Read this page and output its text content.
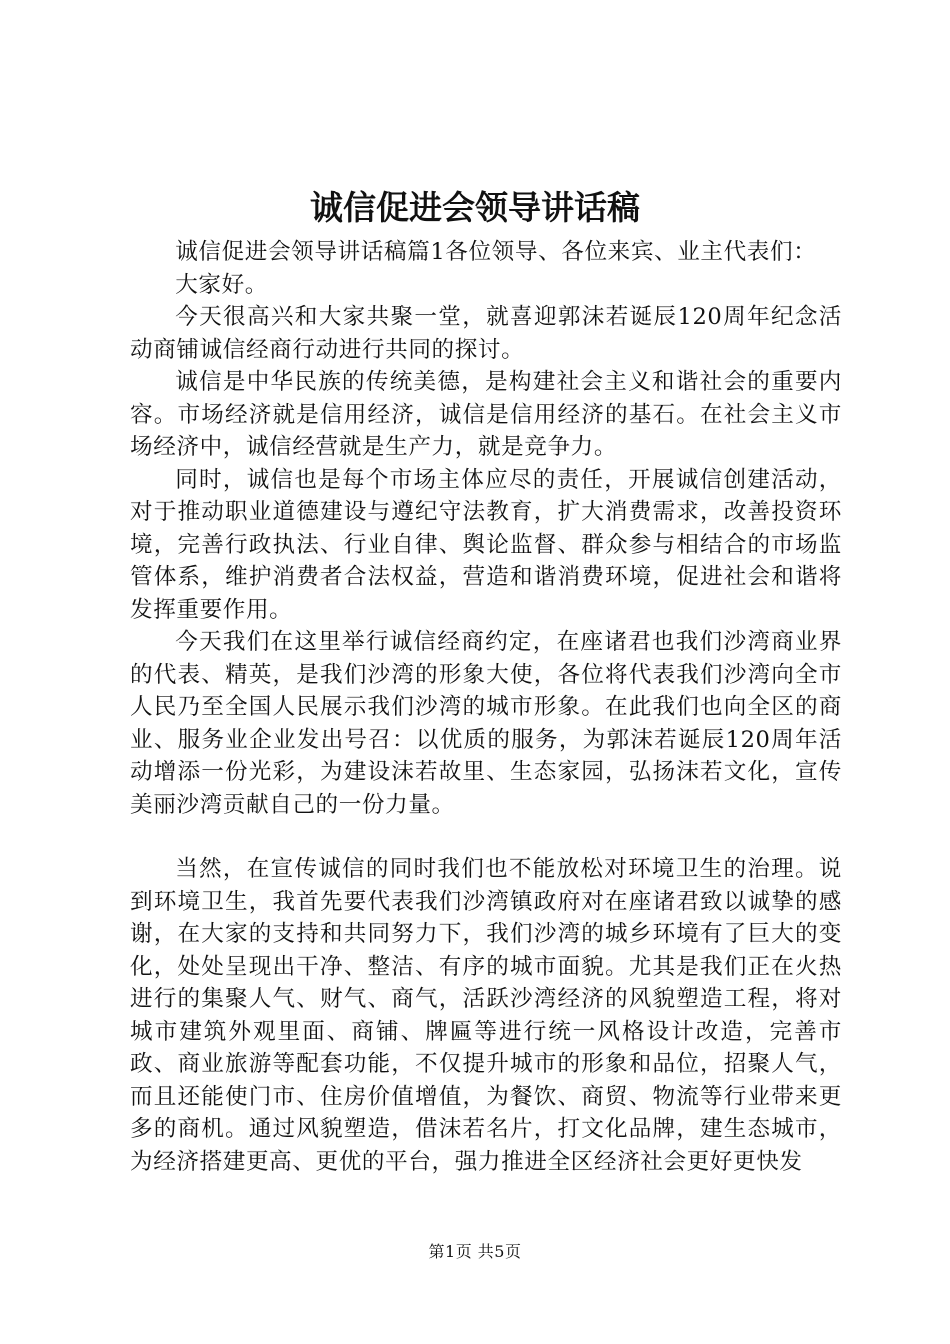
诚信促进会领导讲话稿

诚信促进会领导讲话稿篇1各位领导、各位来宾、业主代表们：

大家好。

今天很高兴和大家共聚一堂，就喜迎郭沫若诞辰120周年纪念活动商铺诚信经商行动进行共同的探讨。

诚信是中华民族的传统美德，是构建社会主义和谐社会的重要内容。市场经济就是信用经济，诚信是信用经济的基石。在社会主义市场经济中，诚信经营就是生产力，就是竞争力。

同时，诚信也是每个市场主体应尽的责任，开展诚信创建活动，对于推动职业道德建设与遵纪守法教育，扩大消费需求，改善投资环境，完善行政执法、行业自律、舆论监督、群众参与相结合的市场监管体系，维护消费者合法权益，营造和谐消费环境，促进社会和谐将发挥重要作用。

今天我们在这里举行诚信经商约定，在座诸君也我们沙湾商业界的代表、精英，是我们沙湾的形象大使，各位将代表我们沙湾向全市人民乃至全国人民展示我们沙湾的城市形象。在此我们也向全区的商业、服务业企业发出号召：以优质的服务，为郭沫若诞辰120周年活动增添一份光彩，为建设沫若故里、生态家园，弘扬沫若文化，宣传美丽沙湾贡献自己的一份力量。

当然，在宣传诚信的同时我们也不能放松对环境卫生的治理。说到环境卫生，我首先要代表我们沙湾镇政府对在座诸君致以诚挚的感谢，在大家的支持和共同努力下，我们沙湾的城乡环境有了巨大的变化，处处呈现出干净、整洁、有序的城市面貌。尤其是我们正在火热进行的集聚人气、财气、商气，活跃沙湾经济的风貌塑造工程，将对城市建筑外观里面、商铺、牌匾等进行统一风格设计改造，完善市政、商业旅游等配套功能，不仅提升城市的形象和品位，招聚人气，而且还能使门市、住房价值增值，为餐饮、商贸、物流等行业带来更多的商机。通过风貌塑造，借沫若名片，打文化品牌，建生态城市，为经济搭建更高、更优的平台，强力推进全区经济社会更好更快发

第1页 共5页
